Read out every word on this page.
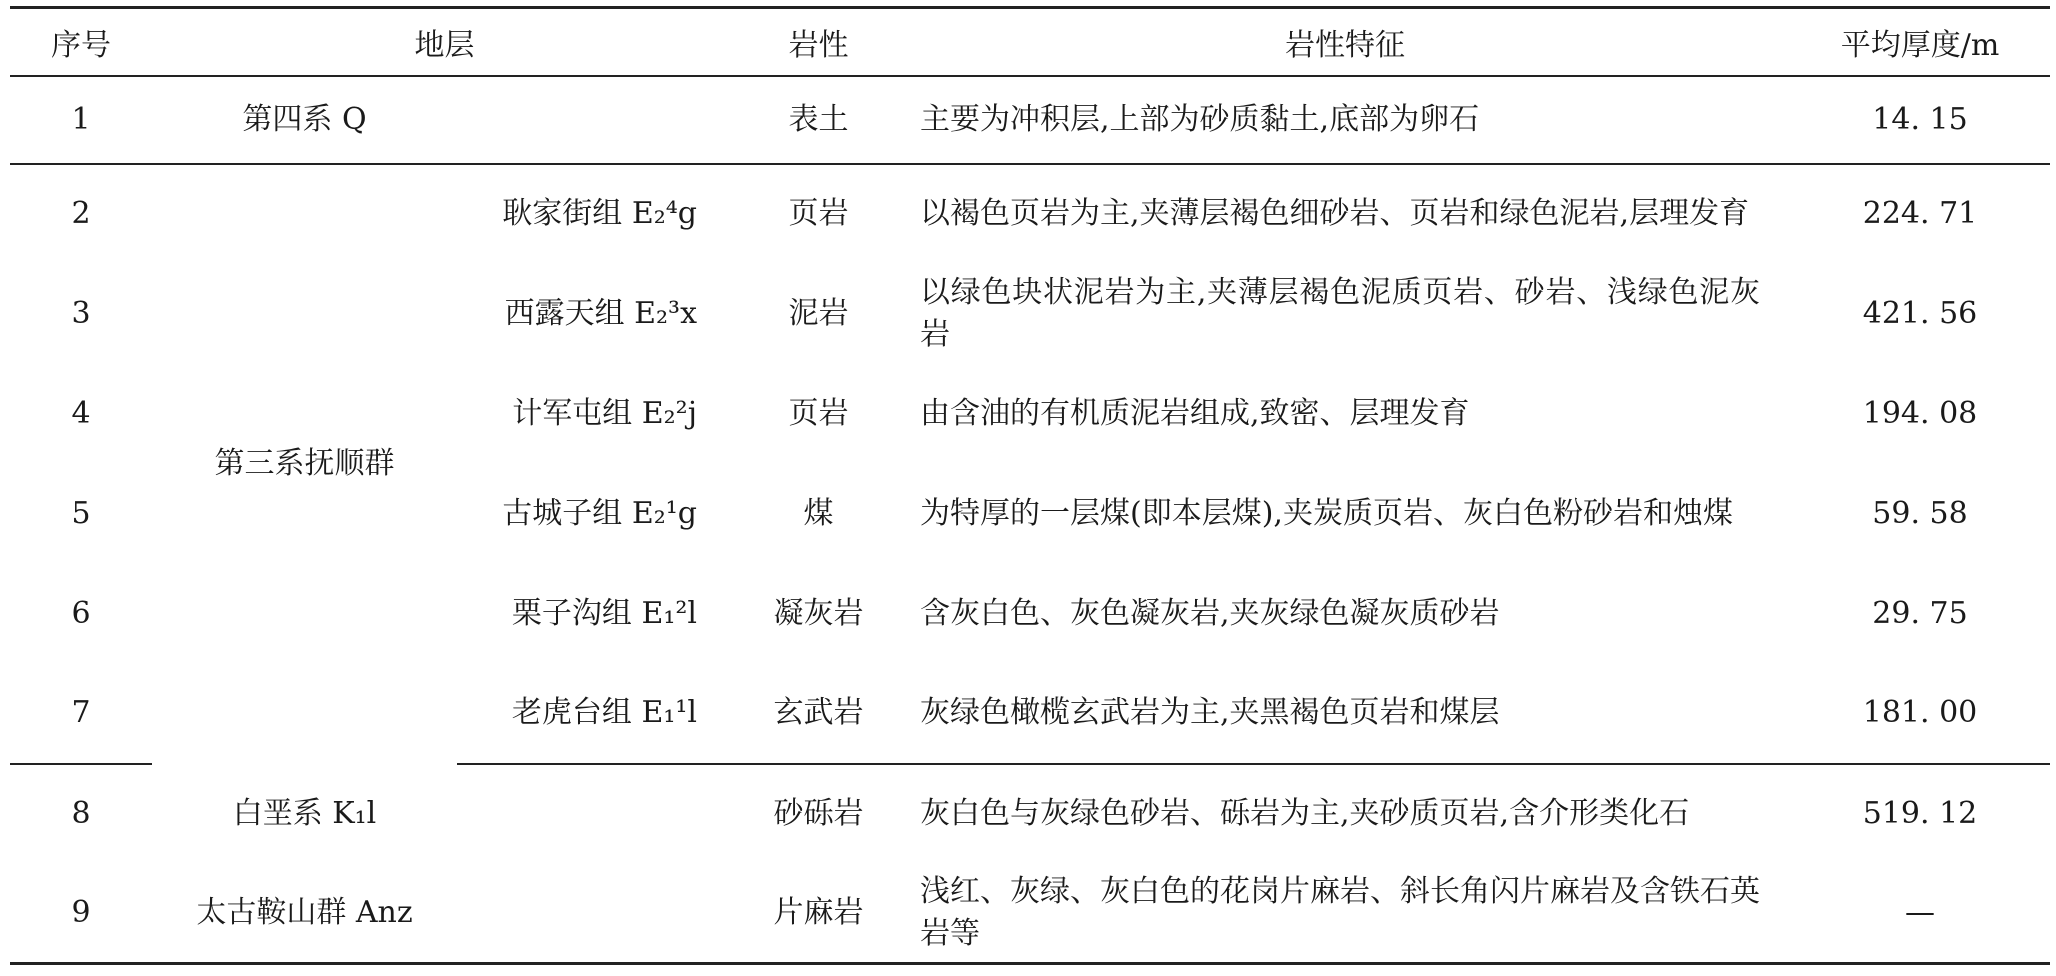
序号	地层		岩性	岩性特征	平均厚度/m
1	第四系 Q		表土	主要为冲积层,上部为砂质黏土,底部为卵石	14. 15
2	第三系抚顺群	耿家街组 E₂⁴g	页岩	以褐色页岩为主,夹薄层褐色细砂岩、页岩和绿色泥岩,层理发育	224. 71
3		西露天组 E₂³x	泥岩	以绿色块状泥岩为主,夹薄层褐色泥质页岩、砂岩、浅绿色泥灰岩	421. 56
4		计军屯组 E₂²j	页岩	由含油的有机质泥岩组成,致密、层理发育	194. 08
5		古城子组 E₂¹g	煤	为特厚的一层煤(即本层煤),夹炭质页岩、灰白色粉砂岩和烛煤	59. 58
6		栗子沟组 E₁²l	凝灰岩	含灰白色、灰色凝灰岩,夹灰绿色凝灰质砂岩	29. 75
7		老虎台组 E₁¹l	玄武岩	灰绿色橄榄玄武岩为主,夹黑褐色页岩和煤层	181. 00
8	白垩系 K₁l		砂砾岩	灰白色与灰绿色砂岩、砾岩为主,夹砂质页岩,含介形类化石	519. 12
9	太古鞍山群 Anz		片麻岩	浅红、灰绿、灰白色的花岗片麻岩、斜长角闪片麻岩及含铁石英岩等	—
